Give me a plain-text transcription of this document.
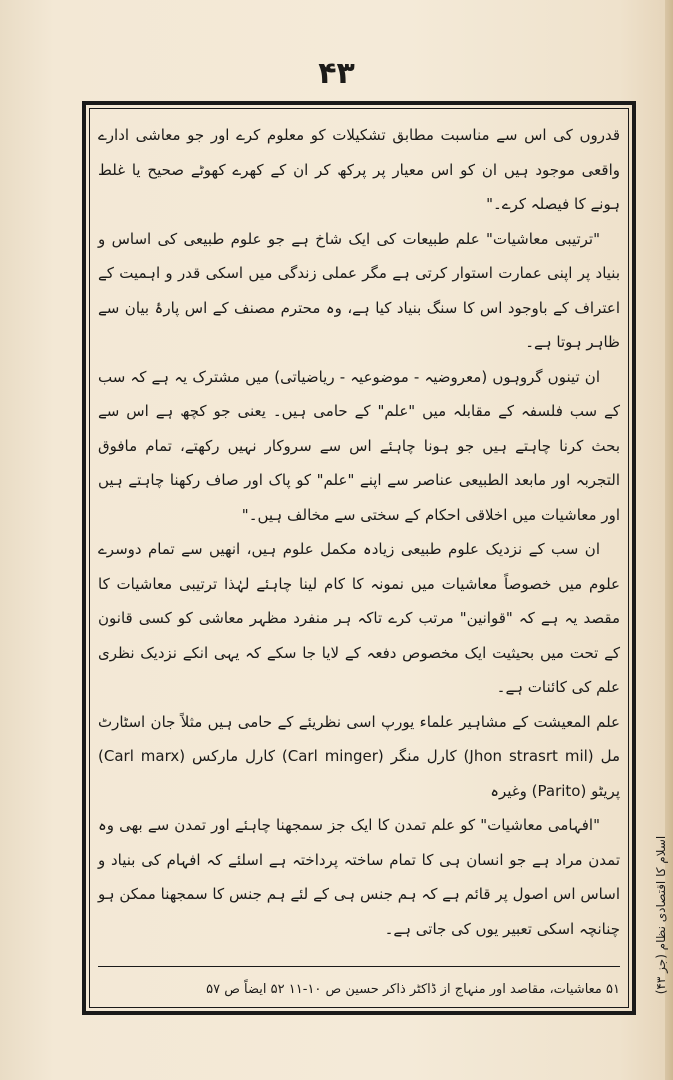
۴۳

قدروں کی اس سے مناسبت مطابق تشکیلات کو معلوم کرے اور جو معاشی ادارے واقعی موجود ہیں ان کو اس معیار پر پرکھ کر ان کے کھرے کھوٹے صحیح یا غلط ہونے کا فیصلہ کرے۔"

"ترتیبی معاشیات" علم طبیعات کی ایک شاخ ہے جو علوم طبیعی کی اساس و بنیاد پر اپنی عمارت استوار کرتی ہے مگر عملی زندگی میں اسکی قدر و اہمیت کے اعتراف کے باوجود اس کا سنگ بنیاد کیا ہے، وہ محترم مصنف کے اس پارۂ بیان سے ظاہر ہوتا ہے۔

ان تینوں گروہوں (معروضیہ - موضوعیہ - ریاضیاتی) میں مشترک یہ ہے کہ سب کے سب فلسفہ کے مقابلہ میں "علم" کے حامی ہیں۔ یعنی جو کچھ ہے اس سے بحث کرنا چاہتے ہیں جو ہونا چاہئے اس سے سروکار نہیں رکھتے، تمام مافوق التجربہ اور مابعد الطبیعی عناصر سے اپنے "علم" کو پاک اور صاف رکھنا چاہتے ہیں اور معاشیات میں اخلاقی احکام کے سختی سے مخالف ہیں۔"

ان سب کے نزدیک علوم طبیعی زیادہ مکمل علوم ہیں، انھیں سے تمام دوسرے علوم میں خصوصاً معاشیات میں نمونہ کا کام لینا چاہئے لہٰذا ترتیبی معاشیات کا مقصد یہ ہے کہ "قوانین" مرتب کرے تاکہ ہر منفرد مظہر معاشی کو کسی قانون کے تحت میں بحیثیت ایک مخصوص دفعہ کے لایا جا سکے کہ یہی انکے نزدیک نظری علم کی کائنات ہے۔

علم المعیشت کے مشاہیر علماء یورپ اسی نظریئے کے حامی ہیں مثلاً جان اسٹارٹ مل (Jhon strasrt mil) کارل منگر (Carl minger) کارل مارکس (Carl marx) پریٹو (Parito) وغیرہ

"افہامی معاشیات" کو علم تمدن کا ایک جز سمجھنا چاہئے اور تمدن سے بھی وہ تمدن مراد ہے جو انسان ہی کا تمام ساختہ پرداختہ ہے اسلئے کہ افہام کی بنیاد و اساس اس اصول پر قائم ہے کہ ہم جنس ہی کے لئے ہم جنس کا سمجھنا ممکن ہو چنانچہ اسکی تعبیر یوں کی جاتی ہے۔

۵۱ معاشیات، مقاصد اور منہاج از ڈاکٹر ذاکر حسین ص ۱۰-۱۱ ۵۲ ایضاً ص ۵۷	اسلام کا اقتصادی نظام (جز ۴۳)
